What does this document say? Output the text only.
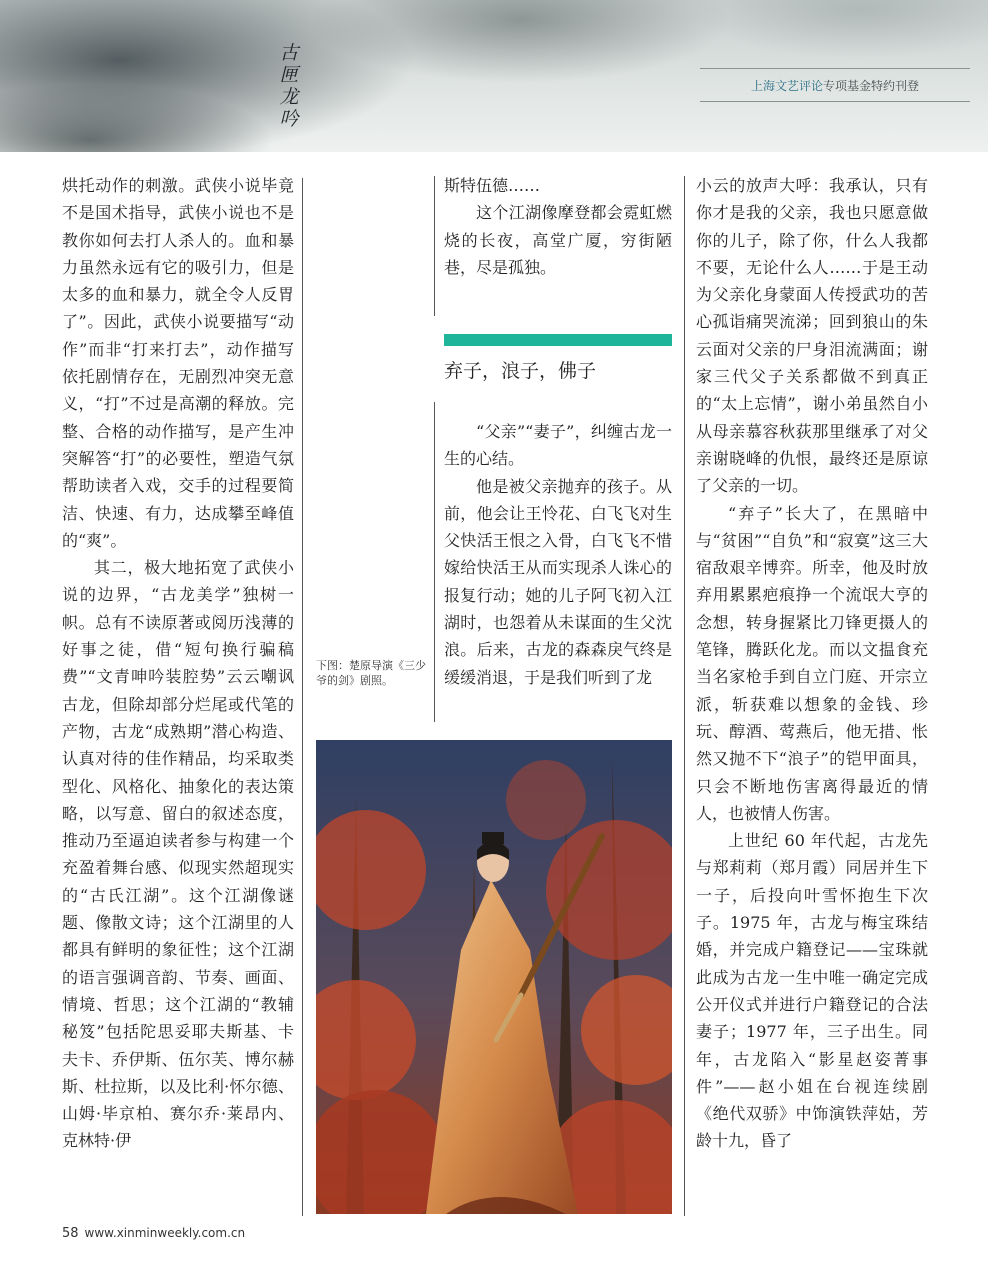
古
匣
龙
吟
上海文艺评论 专项基金特约刊登

烘托动作的刺激。武侠小说毕竟不是国术指导，武侠小说也不是教你如何去打人杀人的。血和暴力虽然永远有它的吸引力，但是太多的血和暴力，就全令人反胃了”。因此，武侠小说要描写“动作”而非“打来打去”，动作描写依托剧情存在，无剧烈冲突无意义，“打”不过是高潮的释放。完整、合格的动作描写，是产生冲突解答“打”的必要性，塑造气氛帮助读者入戏，交手的过程要简洁、快速、有力，达成攀至峰值的“爽”。

其二，极大地拓宽了武侠小说的边界，“古龙美学”独树一帜。总有不读原著或阅历浅薄的好事之徒，借“短句换行骗稿费”“文青呻吟装腔势”云云嘲讽古龙，但除却部分烂尾或代笔的产物，古龙“成熟期”潜心构造、认真对待的佳作精品，均采取类型化、风格化、抽象化的表达策略，以写意、留白的叙述态度，推动乃至逼迫读者参与构建一个充盈着舞台感、似现实然超现实的“古氏江湖”。这个江湖像谜题、像散文诗；这个江湖里的人都具有鲜明的象征性；这个江湖的语言强调音韵、节奏、画面、情境、哲思；这个江湖的“教辅秘笈”包括陀思妥耶夫斯基、卡夫卡、乔伊斯、伍尔芙、博尔赫斯、杜拉斯，以及比利·怀尔德、山姆·毕京柏、赛尔乔·莱昂内、克林特·伊

斯特伍德……

这个江湖像摩登都会霓虹燃烧的长夜，高堂广厦，穷街陋巷，尽是孤独。

弃子，浪子，佛子

“父亲”“妻子”，纠缠古龙一生的心结。

他是被父亲抛弃的孩子。从前，他会让王怜花、白飞飞对生父快活王恨之入骨，白飞飞不惜嫁给快活王从而实现杀人诛心的报复行动；她的儿子阿飞初入江湖时，也怨着从未谋面的生父沈浪。后来，古龙的森森戾气终是缓缓消退，于是我们听到了龙

小云的放声大呼：我承认，只有你才是我的父亲，我也只愿意做你的儿子，除了你，什么人我都不要，无论什么人……于是王动为父亲化身蒙面人传授武功的苦心孤诣痛哭流涕；回到狼山的朱云面对父亲的尸身泪流满面；谢家三代父子关系都做不到真正的“太上忘情”，谢小弟虽然自小从母亲慕容秋荻那里继承了对父亲谢晓峰的仇恨，最终还是原谅了父亲的一切。

“弃子”长大了，在黑暗中与“贫困”“自负”和“寂寞”这三大宿敌艰辛博弈。所幸，他及时放弃用累累疤痕挣一个流氓大亨的念想，转身握紧比刀锋更摄人的笔锋，腾跃化龙。而以文揾食充当名家枪手到自立门庭、开宗立派，斩获难以想象的金钱、珍玩、醇酒、莺燕后，他无措、怅然又抛不下“浪子”的铠甲面具，只会不断地伤害离得最近的情人，也被情人伤害。

上世纪 60 年代起，古龙先与郑莉莉（郑月霞）同居并生下一子，后投向叶雪怀抱生下次子。1975 年，古龙与梅宝珠结婚，并完成户籍登记——宝珠就此成为古龙一生中唯一确定完成公开仪式并进行户籍登记的合法妻子；1977 年，三子出生。同年，古龙陷入“影星赵姿菁事件”——赵小姐在台视连续剧《绝代双骄》中饰演铁萍姑，芳龄十九，昏了

下图：楚原导演《三少爷的剑》剧照。
58 www.xinminweekly.com.cn
